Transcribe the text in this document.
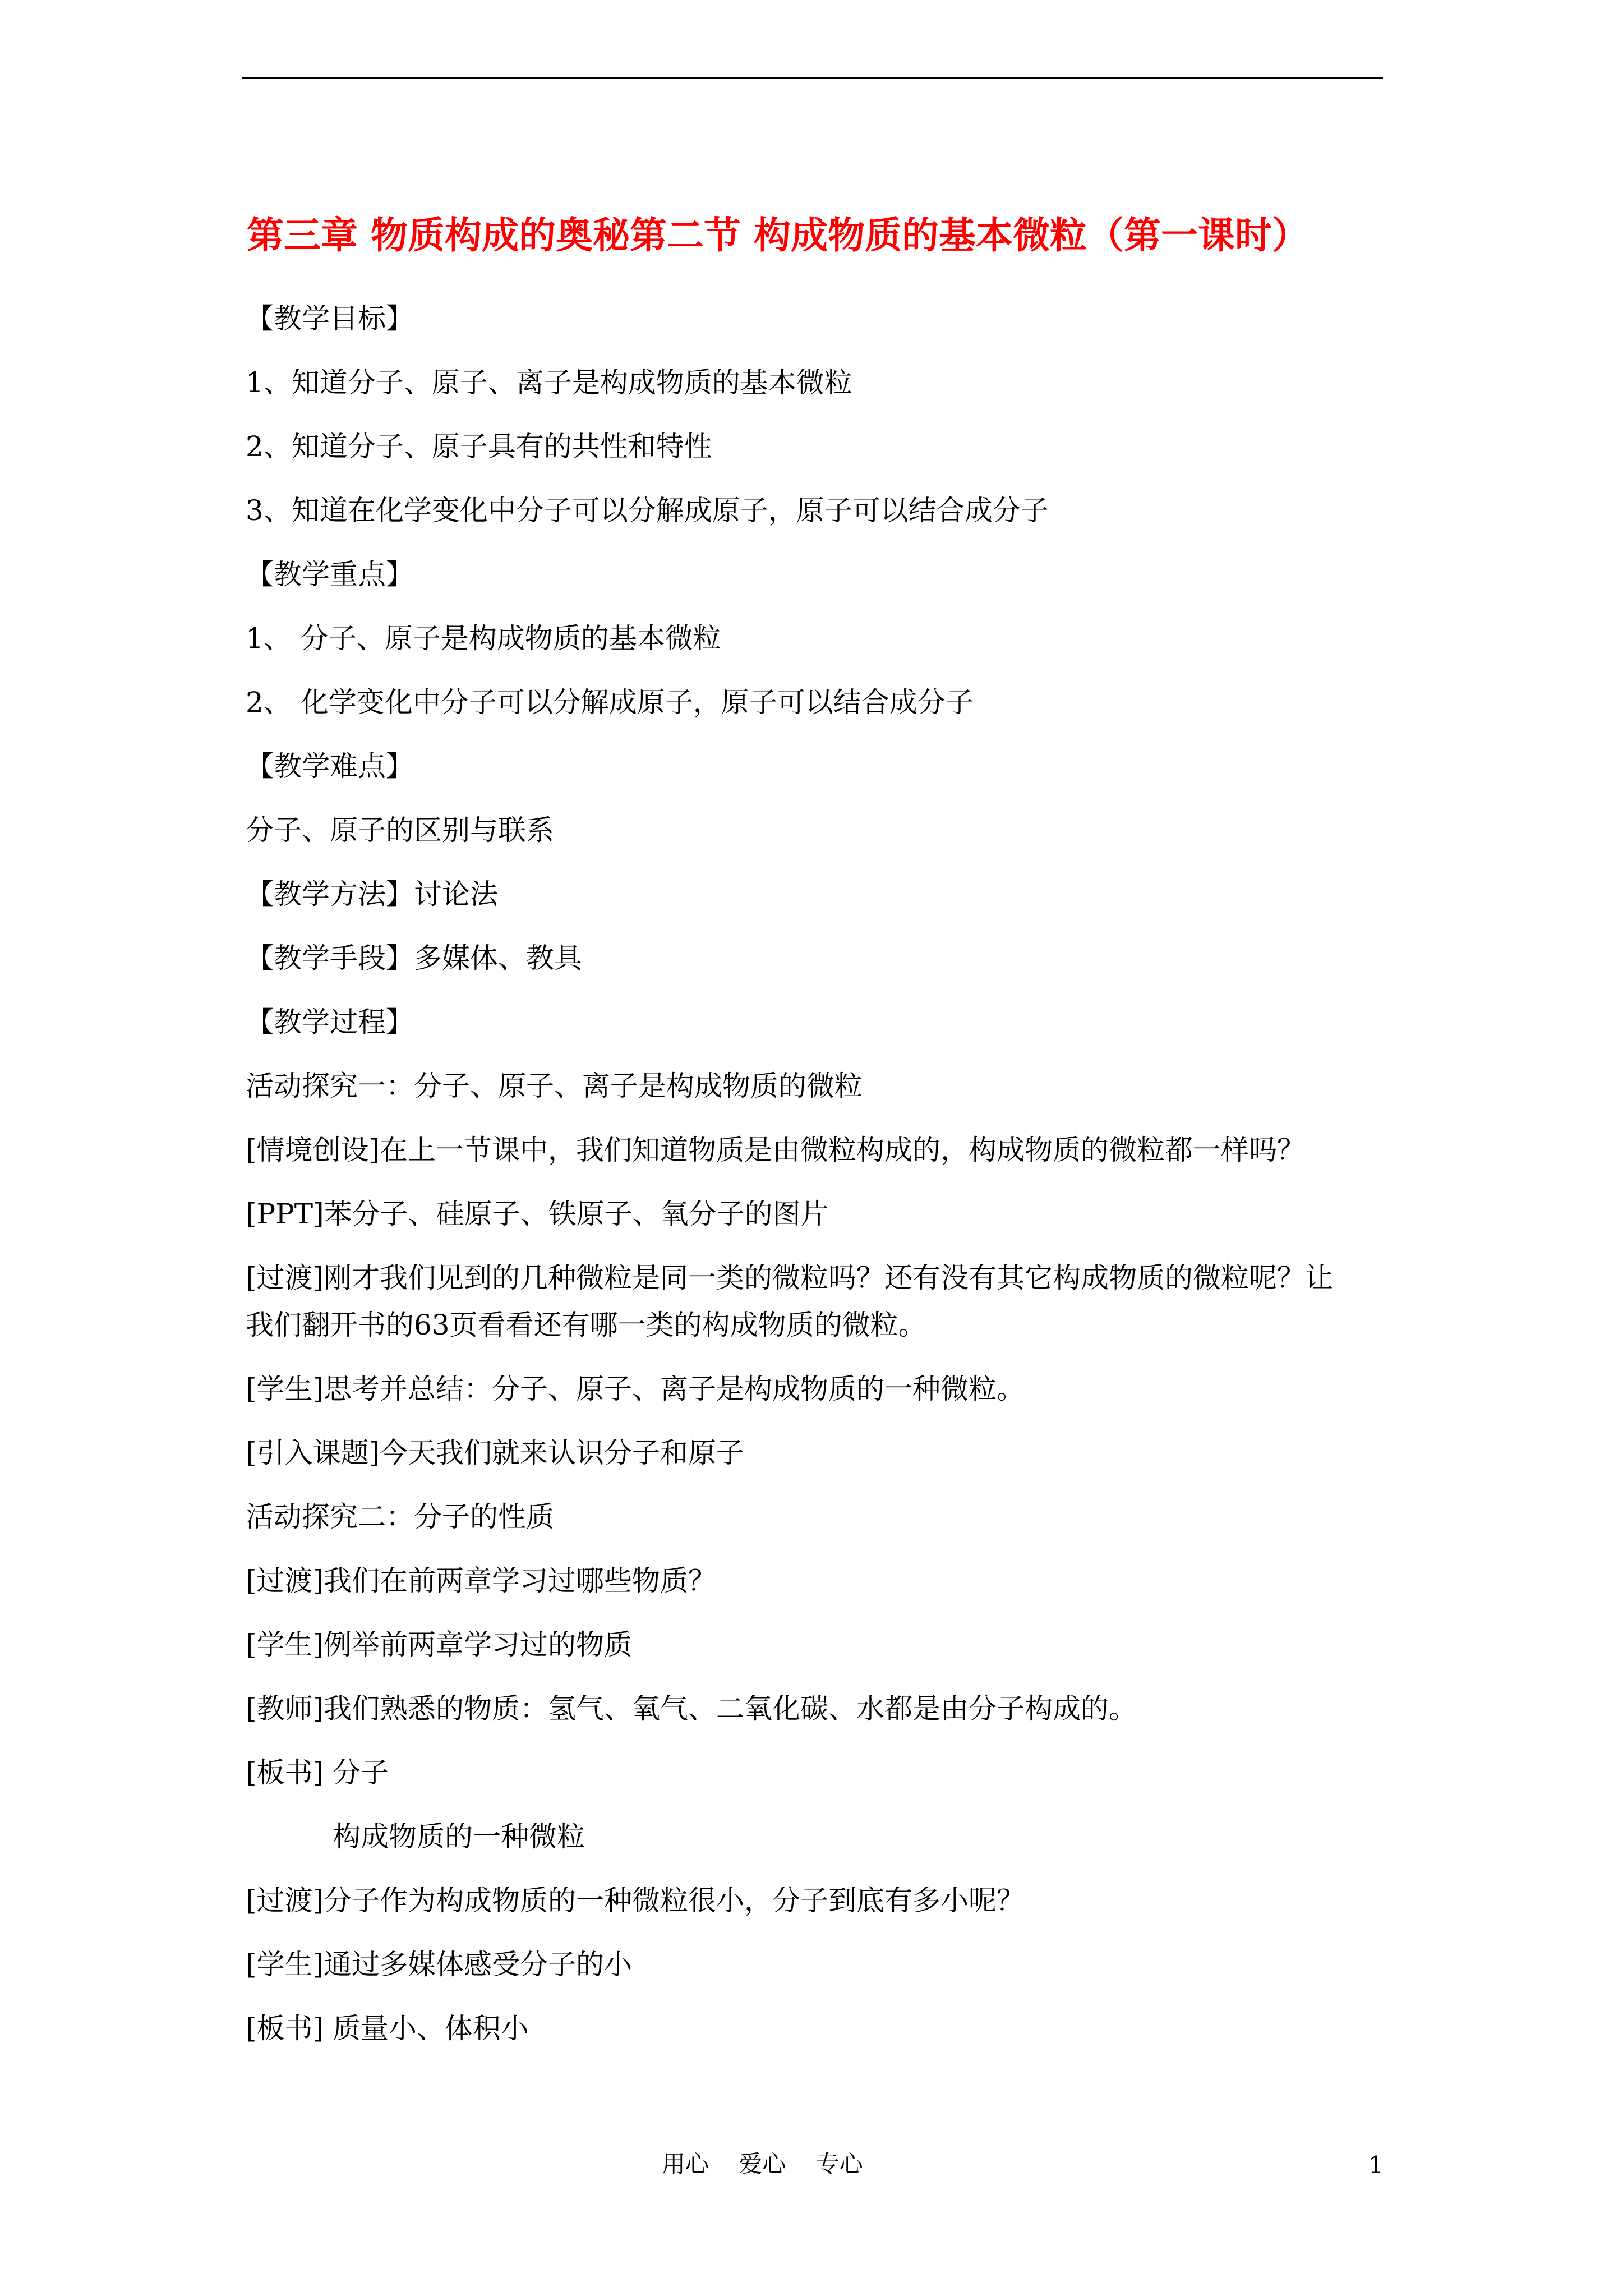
第三章 物质构成的奥秘第二节 构成物质的基本微粒（第一课时）
【教学目标】
1、知道分子、原子、离子是构成物质的基本微粒
2、知道分子、原子具有的共性和特性
3、知道在化学变化中分子可以分解成原子，原子可以结合成分子
【教学重点】
1、 分子、原子是构成物质的基本微粒
2、 化学变化中分子可以分解成原子，原子可以结合成分子
【教学难点】
分子、原子的区别与联系
【教学方法】讨论法
【教学手段】多媒体、教具
【教学过程】
活动探究一：分子、原子、离子是构成物质的微粒
[情境创设]在上一节课中，我们知道物质是由微粒构成的，构成物质的微粒都一样吗？
[PPT]苯分子、硅原子、铁原子、氧分子的图片
[过渡]刚才我们见到的几种微粒是同一类的微粒吗？还有没有其它构成物质的微粒呢？让
我们翻开书的63页看看还有哪一类的构成物质的微粒。
[学生]思考并总结：分子、原子、离子是构成物质的一种微粒。
[引入课题]今天我们就来认识分子和原子
活动探究二：分子的性质
[过渡]我们在前两章学习过哪些物质？
[学生]例举前两章学习过的物质
[教师]我们熟悉的物质：氢气、氧气、二氧化碳、水都是由分子构成的。
[板书] 分子
构成物质的一种微粒
[过渡]分子作为构成物质的一种微粒很小，分子到底有多小呢？
[学生]通过多媒体感受分子的小
[板书] 质量小、体积小
用心    爱心    专心	1
